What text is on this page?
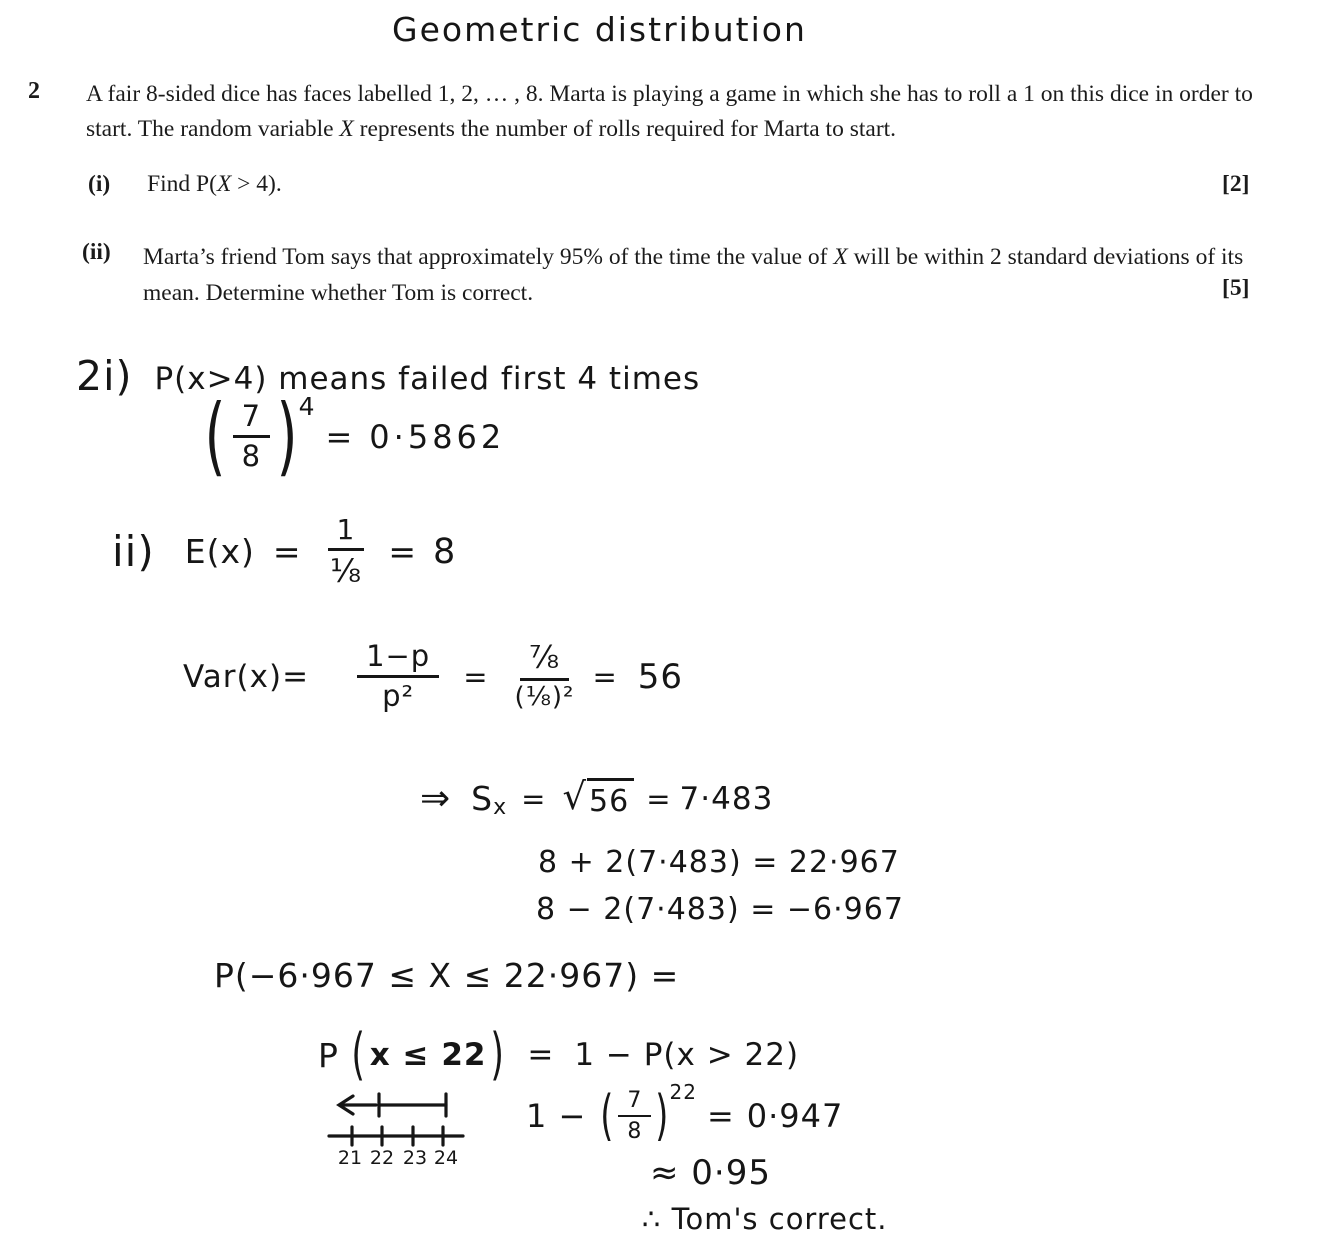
Geometric distribution
2 A fair 8-sided dice has faces labelled 1, 2, … , 8. Marta is playing a game in which she has to roll a 1 on this dice in order to start. The random variable X represents the number of rolls required for Marta to start.
(i) Find P(X > 4).	[2]
(ii) Marta’s friend Tom says that approximately 95% of the time the value of X will be within 2 standard deviations of its mean. Determine whether Tom is correct.	[5]
2i) P(x>4) means failed first 4 times
( $\frac{7}{8}$ ) 4
= 0·5862
ii) $E(x) = \frac{1}{\text{⅛}} = 8$
$Var(x)= \frac{1-p}{\text{p²}} = \frac{\text{⅞}}{\text{(⅛)²}} = 56$
⇒ $S_x$ = √ 56 = 7·483
8 + 2(7·483) = 22·967
8 − 2(7·483) = −6·967
P(−6·967 ≤ X ≤ 22·967) =
P ( x ≤ 22 ) = 1 − P(x > 22)
21 22 23 24
1 − ( $\frac{7}{8}$ ) 22
= 0·947
≈ 0·95
∴ Tom's correct.
